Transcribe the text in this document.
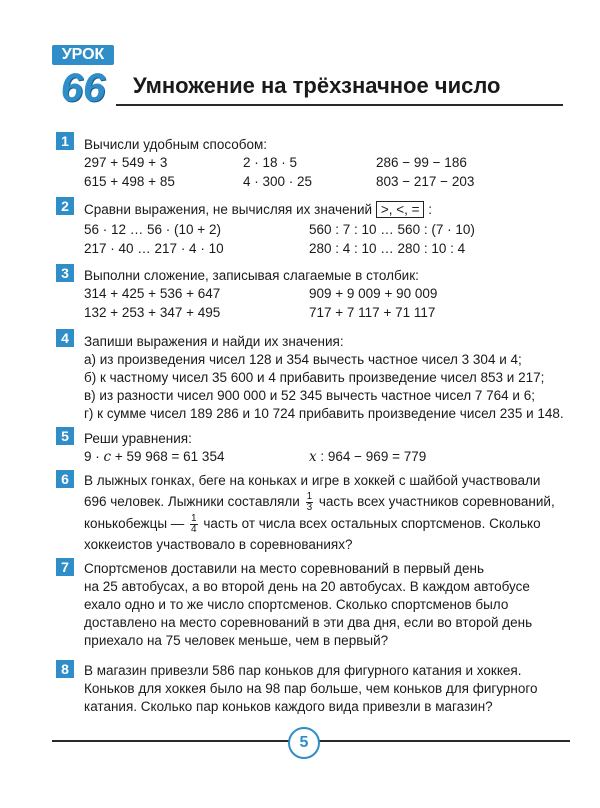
УРОК
66	Умножение на трёхзначное число
1	Вычисли удобным способом:
297 + 549 + 3	2 · 18 · 5	286 − 99 − 186
615 + 498 + 85	4 · 300 · 25	803 − 217 − 203
2	Сравни выражения, не вычисляя их значений >, <, = :
56 · 12 … 56 · (10 + 2)	560 : 7 : 10 … 560 : (7 · 10)
217 · 40 … 217 · 4 · 10	280 : 4 : 10 … 280 : 10 : 4
3	Выполни сложение, записывая слагаемые в столбик:
314 + 425 + 536 + 647	909 + 9 009 + 90 009
132 + 253 + 347 + 495	717 + 7 117 + 71 117
4	Запиши выражения и найди их значения:
а) из произведения чисел 128 и 354 вычесть частное чисел 3 304 и 4;
б) к частному чисел 35 600 и 4 прибавить произведение чисел 853 и 217;
в) из разности чисел 900 000 и 52 345 вычесть частное чисел 7 764 и 6;
г) к сумме чисел 189 286 и 10 724 прибавить произведение чисел 235 и 148.
5	Реши уравнения:
9 · c + 59 968 = 61 354	x : 964 − 969 = 779
6	В лыжных гонках, беге на коньках и игре в хоккей с шайбой участвовали
696 человек. Лыжники составляли $\frac{1}{3}$ часть всех участников соревнований,
конькобежцы — $\frac{1}{4}$ часть от числа всех остальных спортсменов. Сколько
хоккеистов участвовало в соревнованиях?
7	Спортсменов доставили на место соревнований в первый день
на 25 автобусах, а во второй день на 20 автобусах. В каждом автобусе
ехало одно и то же число спортсменов. Сколько спортсменов было
доставлено на место соревнований в эти два дня, если во второй день
приехало на 75 человек меньше, чем в первый?
8	В магазин привезли 586 пар коньков для фигурного катания и хоккея.
Коньков для хоккея было на 98 пар больше, чем коньков для фигурного
катания. Сколько пар коньков каждого вида привезли в магазин?
5
